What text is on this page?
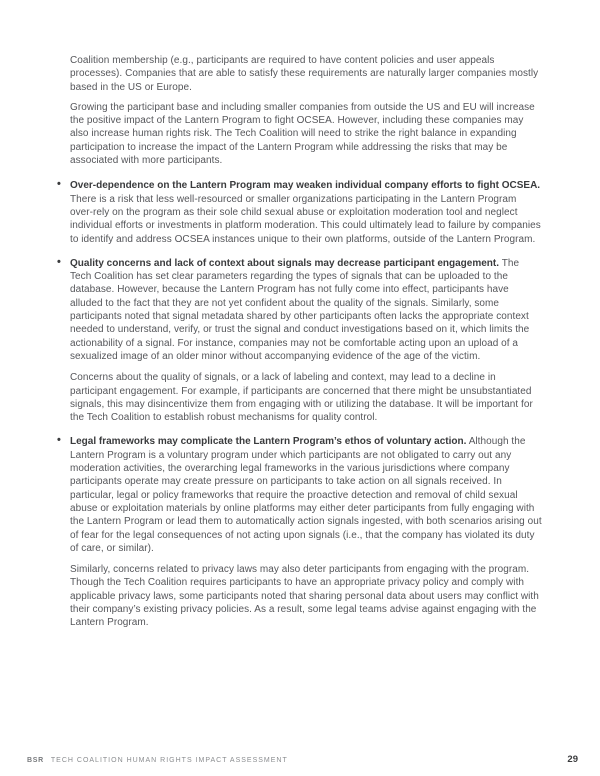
Coalition membership (e.g., participants are required to have content policies and user appeals processes). Companies that are able to satisfy these requirements are naturally larger companies mostly based in the US or Europe.

Growing the participant base and including smaller companies from outside the US and EU will increase the positive impact of the Lantern Program to fight OCSEA. However, including these companies may also increase human rights risk. The Tech Coalition will need to strike the right balance in expanding participation to increase the impact of the Lantern Program while addressing the risks that may be associated with more participants.

• Over-dependence on the Lantern Program may weaken individual company efforts to fight OCSEA. There is a risk that less well-resourced or smaller organizations participating in the Lantern Program over-rely on the program as their sole child sexual abuse or exploitation moderation tool and neglect individual efforts or investments in platform moderation. This could ultimately lead to failure by companies to identify and address OCSEA instances unique to their own platforms, outside of the Lantern Program.

• Quality concerns and lack of context about signals may decrease participant engagement. The Tech Coalition has set clear parameters regarding the types of signals that can be uploaded to the database. However, because the Lantern Program has not fully come into effect, participants have alluded to the fact that they are not yet confident about the quality of the signals. Similarly, some participants noted that signal metadata shared by other participants often lacks the appropriate context needed to understand, verify, or trust the signal and conduct investigations based on it, which limits the actionability of a signal. For instance, companies may not be comfortable acting upon an upload of a sexualized image of an older minor without accompanying evidence of the age of the victim.

Concerns about the quality of signals, or a lack of labeling and context, may lead to a decline in participant engagement. For example, if participants are concerned that there might be unsubstantiated signals, this may disincentivize them from engaging with or utilizing the database. It will be important for the Tech Coalition to establish robust mechanisms for quality control.

• Legal frameworks may complicate the Lantern Program’s ethos of voluntary action. Although the Lantern Program is a voluntary program under which participants are not obligated to carry out any moderation activities, the overarching legal frameworks in the various jurisdictions where company participants operate may create pressure on participants to take action on all signals received. In particular, legal or policy frameworks that require the proactive detection and removal of child sexual abuse or exploitation materials by online platforms may either deter participants from fully engaging with the Lantern Program or lead them to automatically action signals ingested, with both scenarios arising out of fear for the legal consequences of not acting upon signals (i.e., that the company has violated its duty of care, or similar).

Similarly, concerns related to privacy laws may also deter participants from engaging with the program. Though the Tech Coalition requires participants to have an appropriate privacy policy and comply with applicable privacy laws, some participants noted that sharing personal data about users may conflict with their company’s existing privacy policies. As a result, some legal teams advise against engaging with the Lantern Program.

BSR TECH COALITION HUMAN RIGHTS IMPACT ASSESSMENT	29
